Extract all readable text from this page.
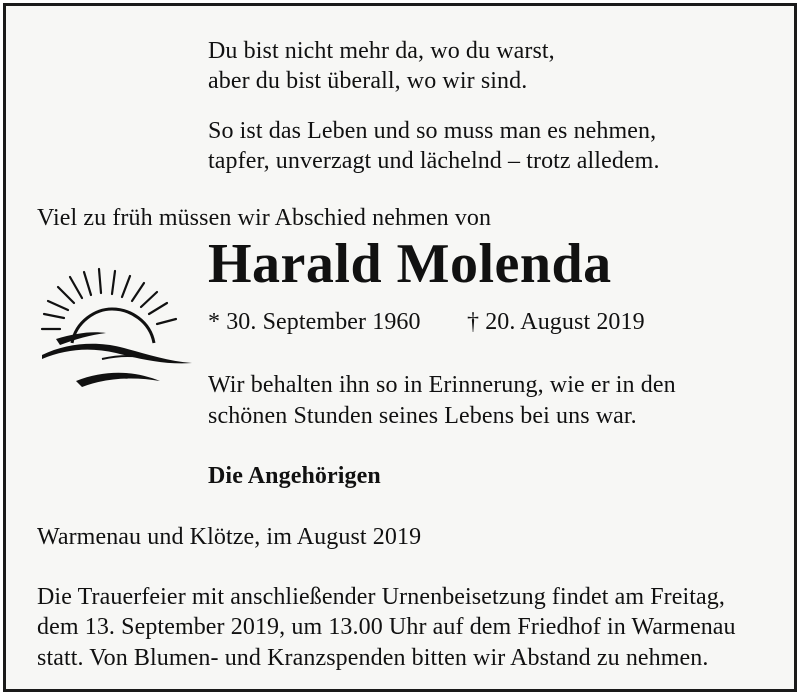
Du bist nicht mehr da, wo du warst,
aber du bist überall, wo wir sind.
So ist das Leben und so muss man es nehmen,
tapfer, unverzagt und lächelnd – trotz alledem.
Viel zu früh müssen wir Abschied nehmen von
Harald Molenda
* 30. September 1960 † 20. August 2019
Wir behalten ihn so in Erinnerung, wie er in den
schönen Stunden seines Lebens bei uns war.
Die Angehörigen
Warmenau und Klötze, im August 2019
Die Trauerfeier mit anschließender Urnenbeisetzung findet am Freitag,
dem 13. September 2019, um 13.00 Uhr auf dem Friedhof in Warmenau
statt. Von Blumen- und Kranzspenden bitten wir Abstand zu nehmen.
